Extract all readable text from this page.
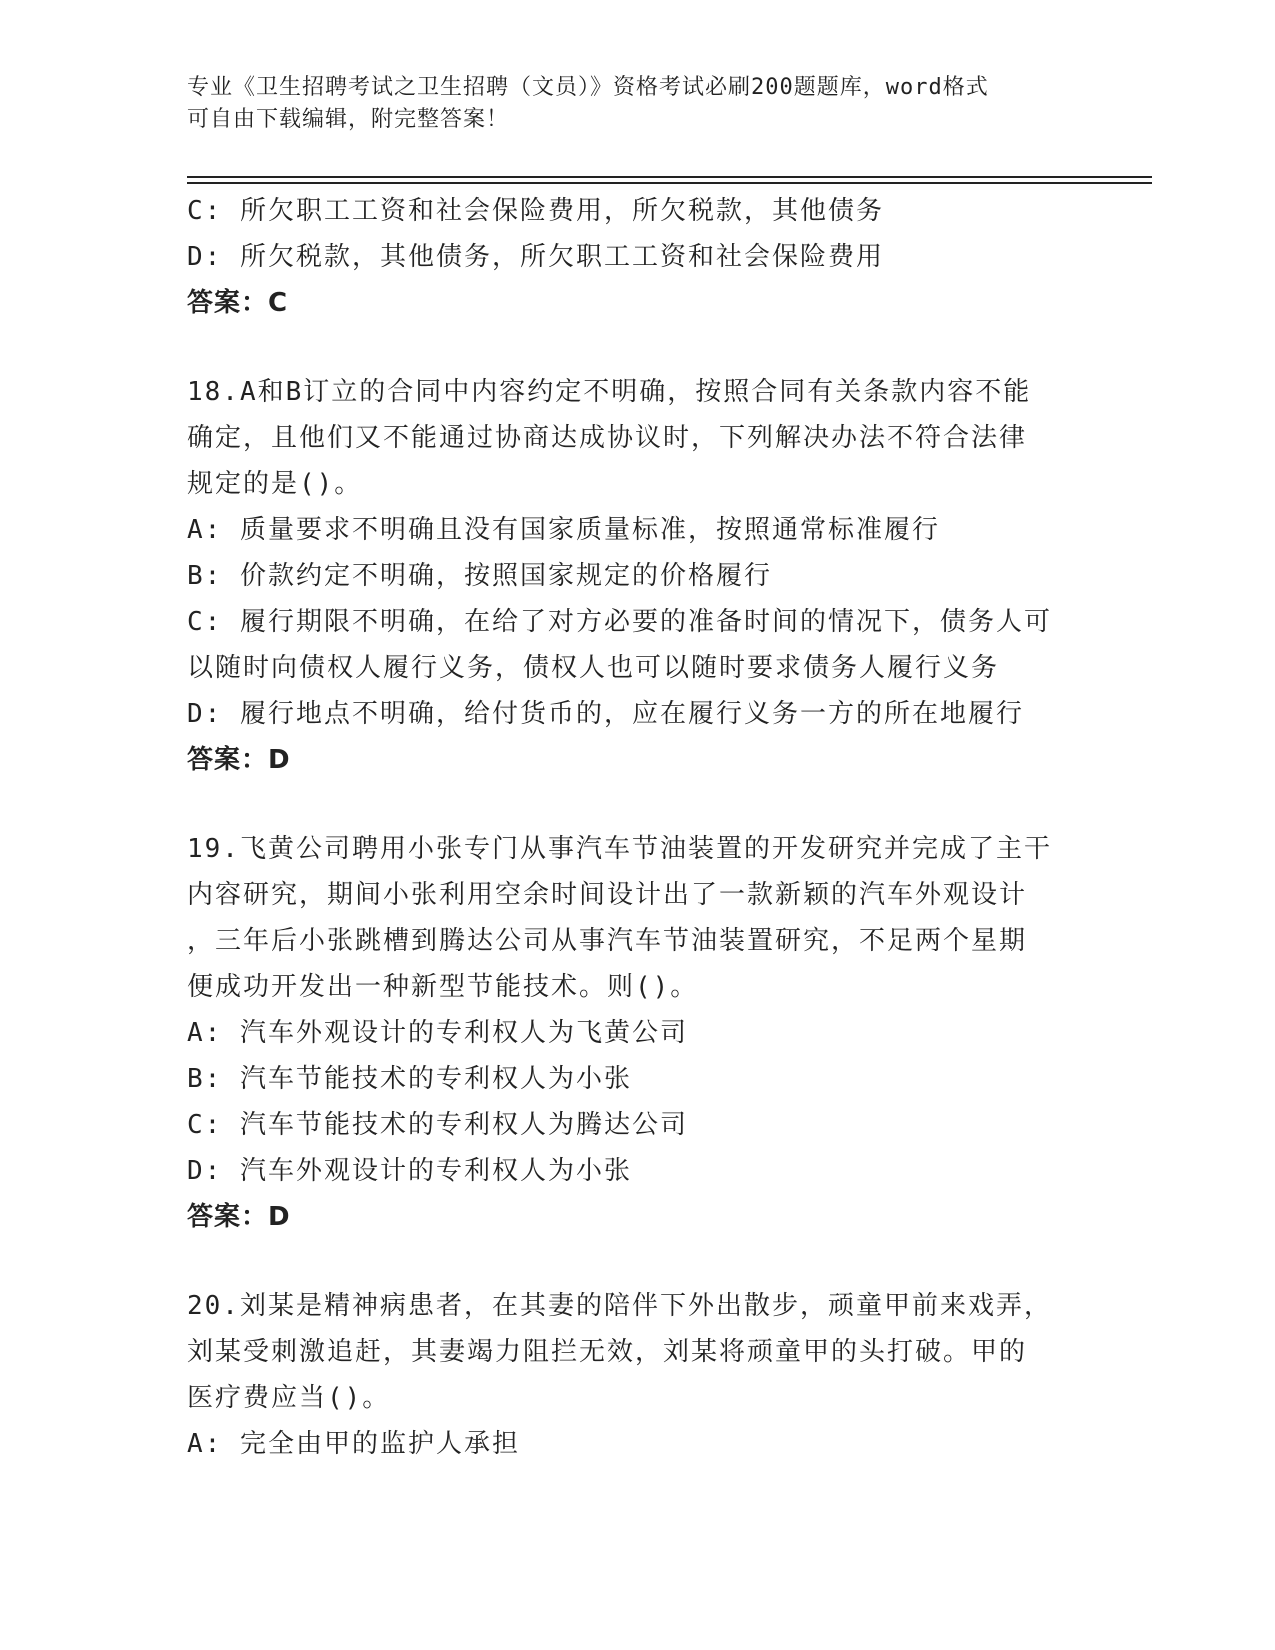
专业《卫生招聘考试之卫生招聘（文员）》资格考试必刷200题题库，word格式
可自由下载编辑，附完整答案！
C: 所欠职工工资和社会保险费用，所欠税款，其他债务
D: 所欠税款，其他债务，所欠职工工资和社会保险费用
答案：C
18.A和B订立的合同中内容约定不明确，按照合同有关条款内容不能
确定，且他们又不能通过协商达成协议时，下列解决办法不符合法律
规定的是()。
A: 质量要求不明确且没有国家质量标准，按照通常标准履行
B: 价款约定不明确，按照国家规定的价格履行
C: 履行期限不明确，在给了对方必要的准备时间的情况下，债务人可
以随时向债权人履行义务，债权人也可以随时要求债务人履行义务
D: 履行地点不明确，给付货币的，应在履行义务一方的所在地履行
答案：D
19.飞黄公司聘用小张专门从事汽车节油装置的开发研究并完成了主干
内容研究，期间小张利用空余时间设计出了一款新颖的汽车外观设计
，三年后小张跳槽到腾达公司从事汽车节油装置研究，不足两个星期
便成功开发出一种新型节能技术。则()。
A: 汽车外观设计的专利权人为飞黄公司
B: 汽车节能技术的专利权人为小张
C: 汽车节能技术的专利权人为腾达公司
D: 汽车外观设计的专利权人为小张
答案：D
20.刘某是精神病患者，在其妻的陪伴下外出散步，顽童甲前来戏弄，
刘某受刺激追赶，其妻竭力阻拦无效，刘某将顽童甲的头打破。甲的
医疗费应当()。
A: 完全由甲的监护人承担
